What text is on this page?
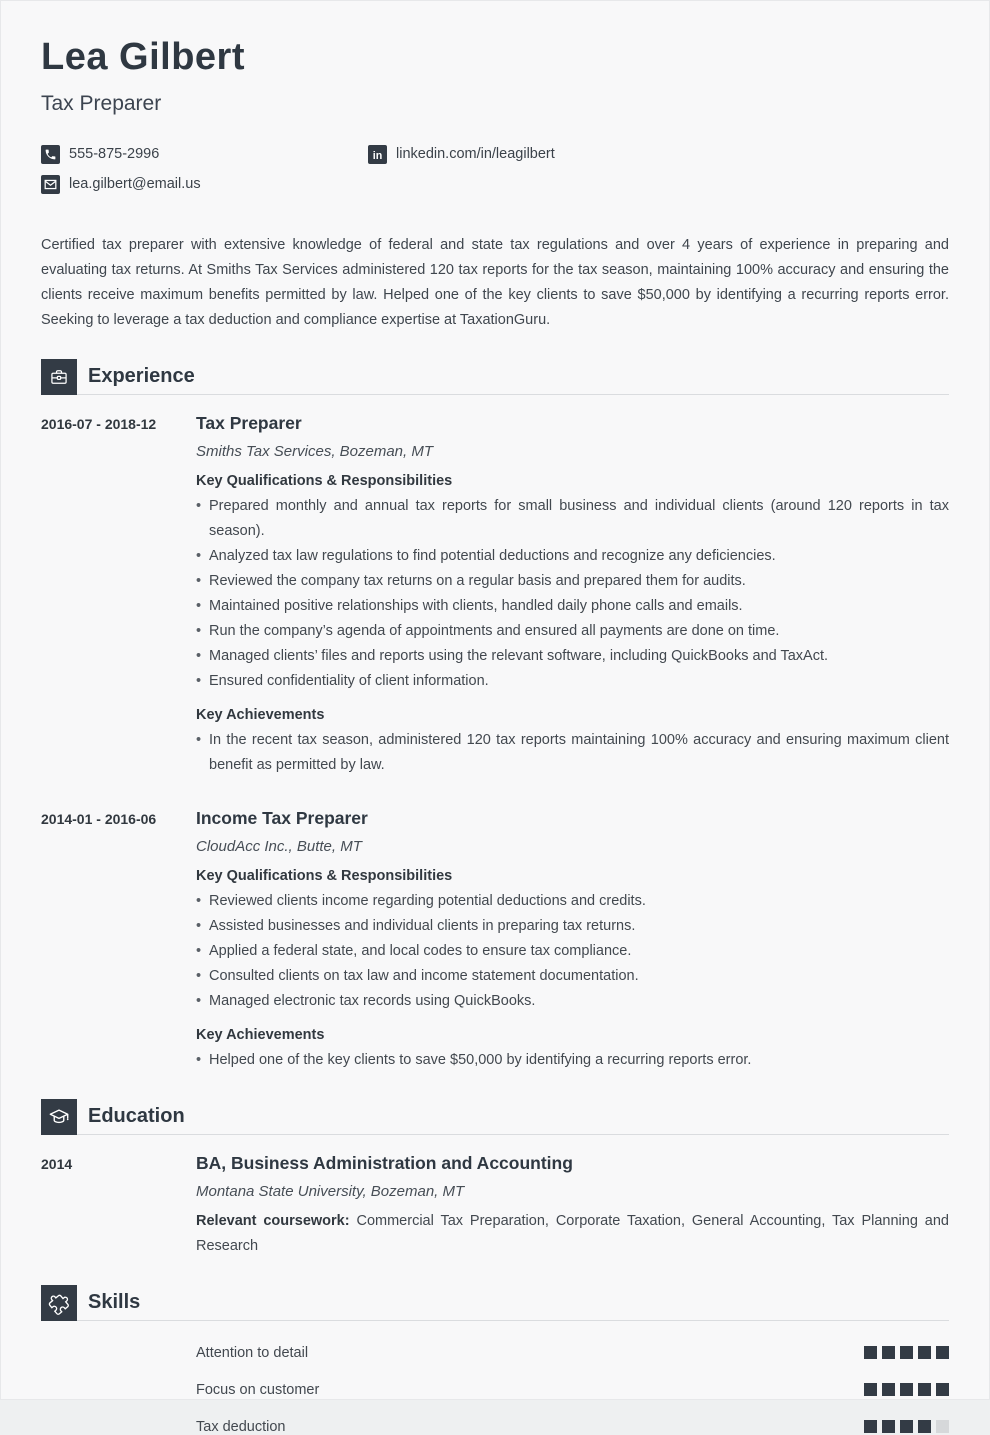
Lea Gilbert
Tax Preparer
555-875-2996	in linkedin.com/in/leagilbert
lea.gilbert@email.us

Certified tax preparer with extensive knowledge of federal and state tax regulations and over 4 years of experience in preparing and evaluating tax returns. At Smiths Tax Services administered 120 tax reports for the tax season, maintaining 100% accuracy and ensuring the clients receive maximum benefits permitted by law. Helped one of the key clients to save $50,000 by identifying a recurring reports error. Seeking to leverage a tax deduction and compliance expertise at TaxationGuru.

Experience
2016-07 - 2018-12	Tax Preparer
Smiths Tax Services, Bozeman, MT
Key Qualifications & Responsibilities
• Prepared monthly and annual tax reports for small business and individual clients (around 120 reports in tax season).
• Analyzed tax law regulations to find potential deductions and recognize any deficiencies.
• Reviewed the company tax returns on a regular basis and prepared them for audits.
• Maintained positive relationships with clients, handled daily phone calls and emails.
• Run the company’s agenda of appointments and ensured all payments are done on time.
• Managed clients’ files and reports using the relevant software, including QuickBooks and TaxAct.
• Ensured confidentiality of client information.
Key Achievements
• In the recent tax season, administered 120 tax reports maintaining 100% accuracy and ensuring maximum client benefit as permitted by law.
2014-01 - 2016-06	Income Tax Preparer
CloudAcc Inc., Butte, MT
Key Qualifications & Responsibilities
• Reviewed clients income regarding potential deductions and credits.
• Assisted businesses and individual clients in preparing tax returns.
• Applied a federal state, and local codes to ensure tax compliance.
• Consulted clients on tax law and income statement documentation.
• Managed electronic tax records using QuickBooks.
Key Achievements
• Helped one of the key clients to save $50,000 by identifying a recurring reports error.
Education
2014	BA, Business Administration and Accounting
Montana State University, Bozeman, MT

Relevant coursework: Commercial Tax Preparation, Corporate Taxation, General Accounting, Tax Planning and Research

Skills
Attention to detail
Focus on customer
Tax deduction
